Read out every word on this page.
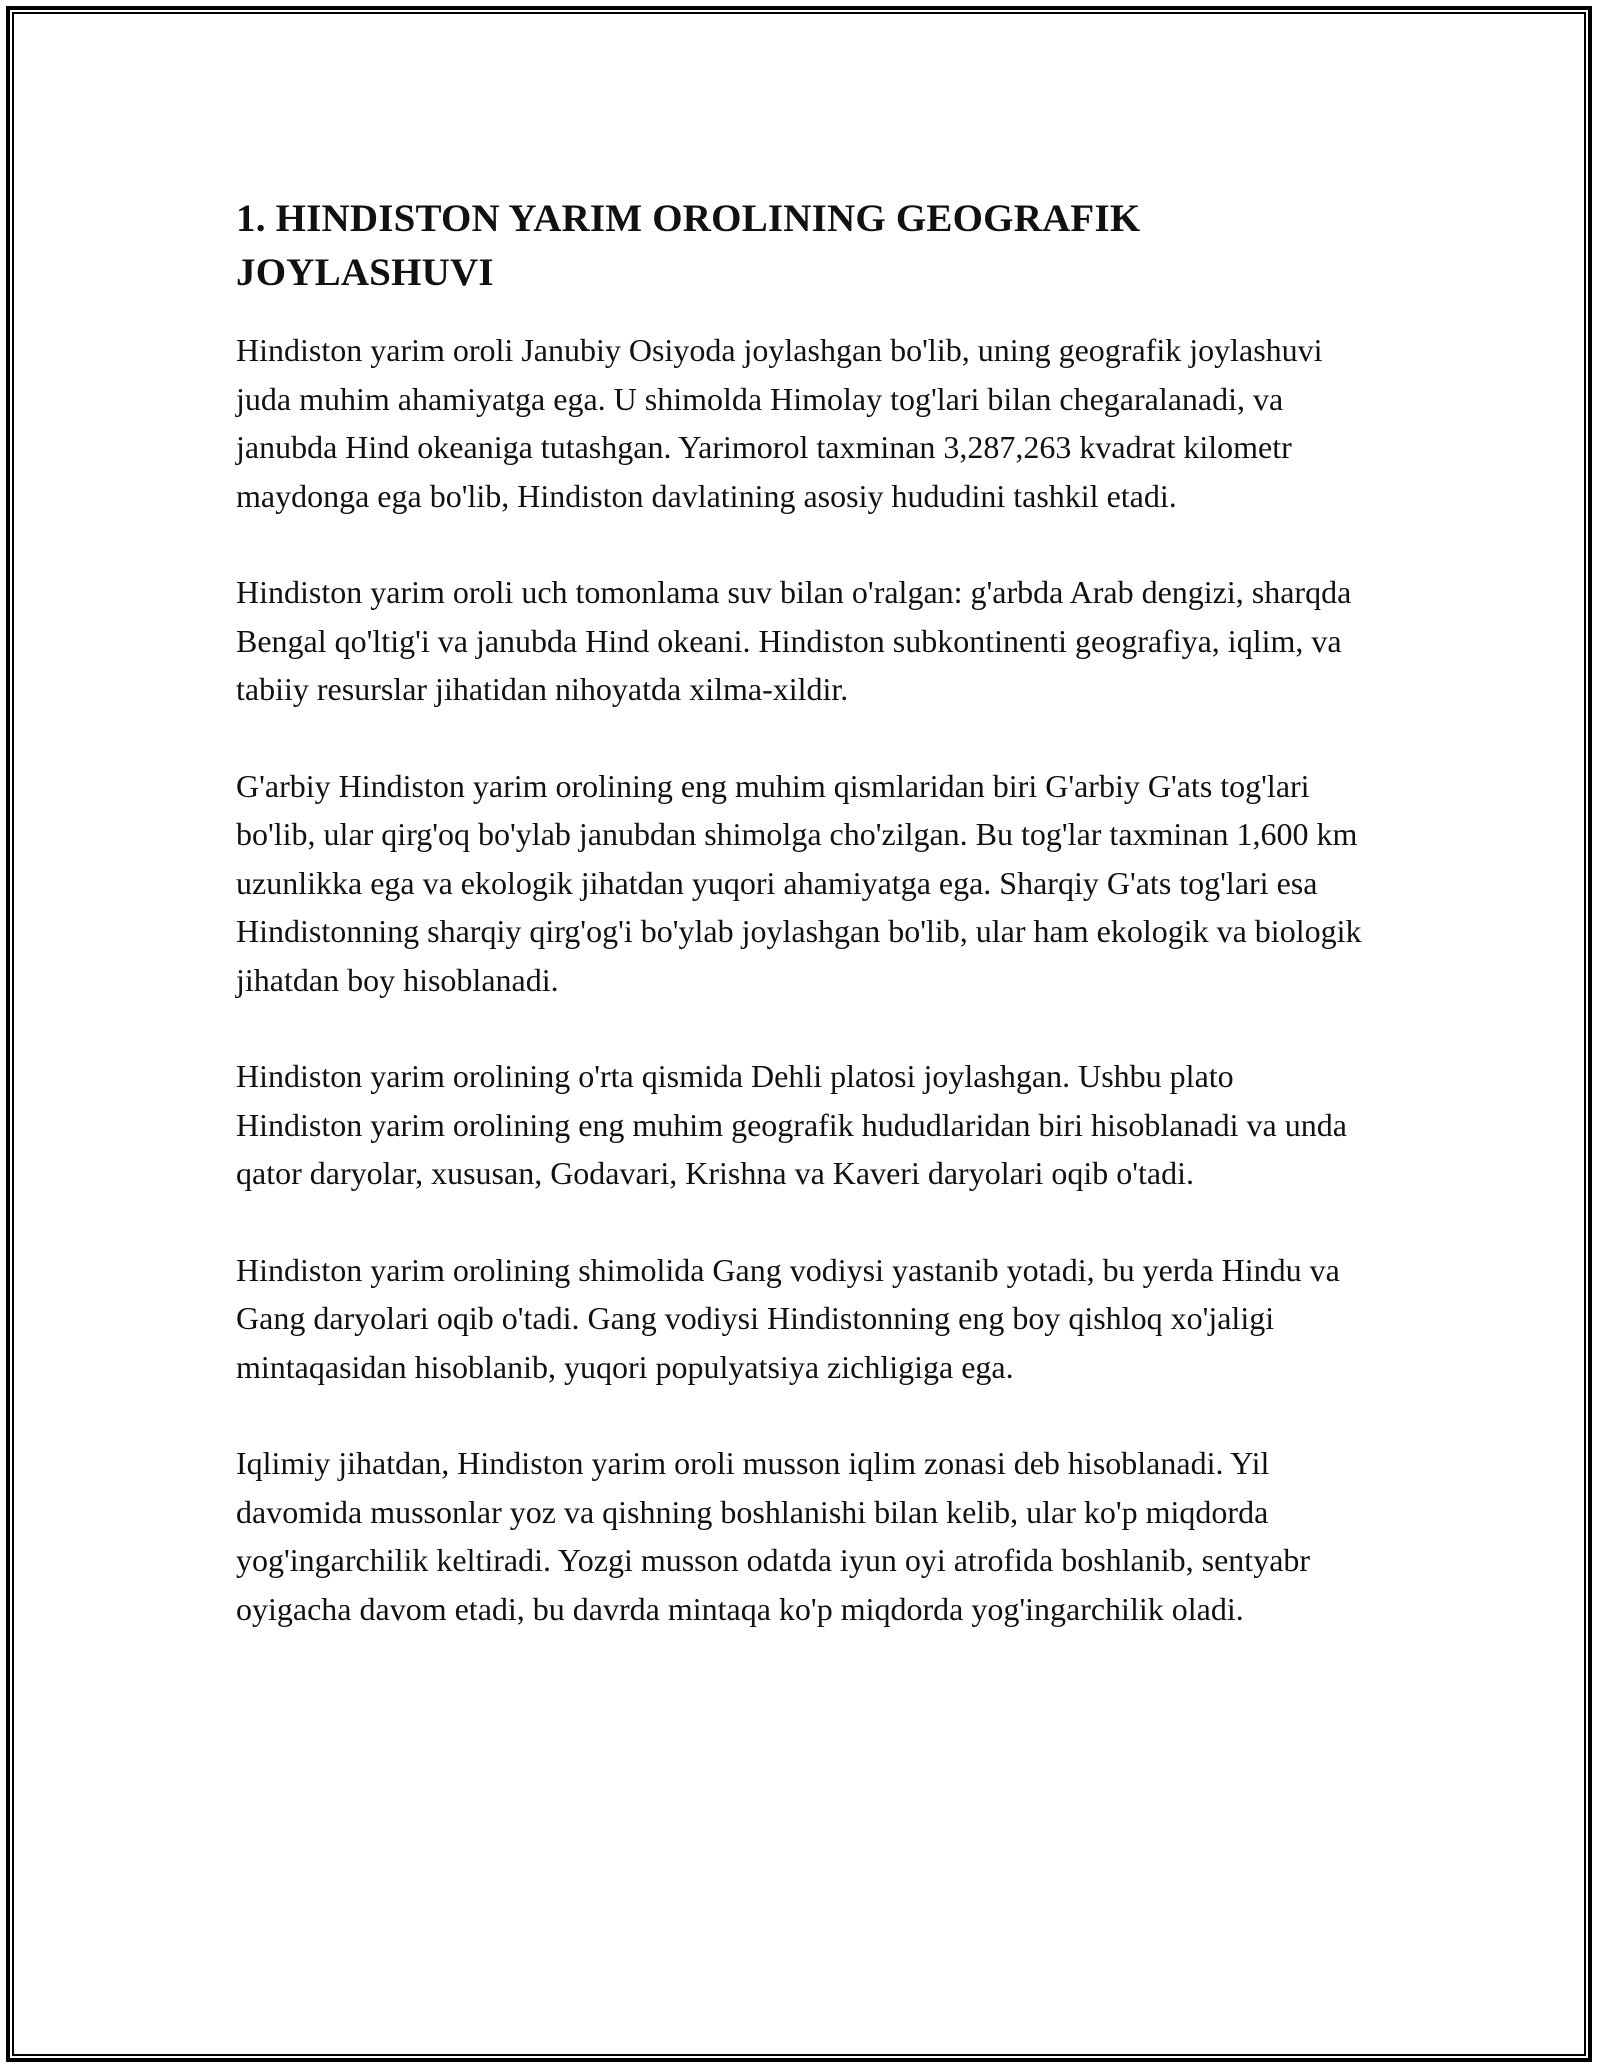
1. HINDISTON YARIM OROLINING GEOGRAFIK JOYLASHUVI

Hindiston yarim oroli Janubiy Osiyoda joylashgan bo'lib, uning geografik joylashuvi juda muhim ahamiyatga ega. U shimolda Himolay tog'lari bilan chegaralanadi, va janubda Hind okeaniga tutashgan. Yarimorol taxminan 3,287,263 kvadrat kilometr maydonga ega bo'lib, Hindiston davlatining asosiy hududini tashkil etadi.

Hindiston yarim oroli uch tomonlama suv bilan o'ralgan: g'arbda Arab dengizi, sharqda Bengal qo'ltig'i va janubda Hind okeani. Hindiston subkontinenti geografiya, iqlim, va tabiiy resurslar jihatidan nihoyatda xilma-xildir.

G'arbiy Hindiston yarim orolining eng muhim qismlaridan biri G'arbiy G'ats tog'lari bo'lib, ular qirg'oq bo'ylab janubdan shimolga cho'zilgan. Bu tog'lar taxminan 1,600 km uzunlikka ega va ekologik jihatdan yuqori ahamiyatga ega. Sharqiy G'ats tog'lari esa Hindistonning sharqiy qirg'og'i bo'ylab joylashgan bo'lib, ular ham ekologik va biologik jihatdan boy hisoblanadi.

Hindiston yarim orolining o'rta qismida Dehli platosi joylashgan. Ushbu plato Hindiston yarim orolining eng muhim geografik hududlaridan biri hisoblanadi va unda qator daryolar, xususan, Godavari, Krishna va Kaveri daryolari oqib o'tadi.

Hindiston yarim orolining shimolida Gang vodiysi yastanib yotadi, bu yerda Hindu va Gang daryolari oqib o'tadi. Gang vodiysi Hindistonning eng boy qishloq xo'jaligi mintaqasidan hisoblanib, yuqori populyatsiya zichligiga ega.

Iqlimiy jihatdan, Hindiston yarim oroli musson iqlim zonasi deb hisoblanadi. Yil davomida mussonlar yoz va qishning boshlanishi bilan kelib, ular ko'p miqdorda yog'ingarchilik keltiradi. Yozgi musson odatda iyun oyi atrofida boshlanib, sentyabr oyigacha davom etadi, bu davrda mintaqa ko'p miqdorda yog'ingarchilik oladi.
